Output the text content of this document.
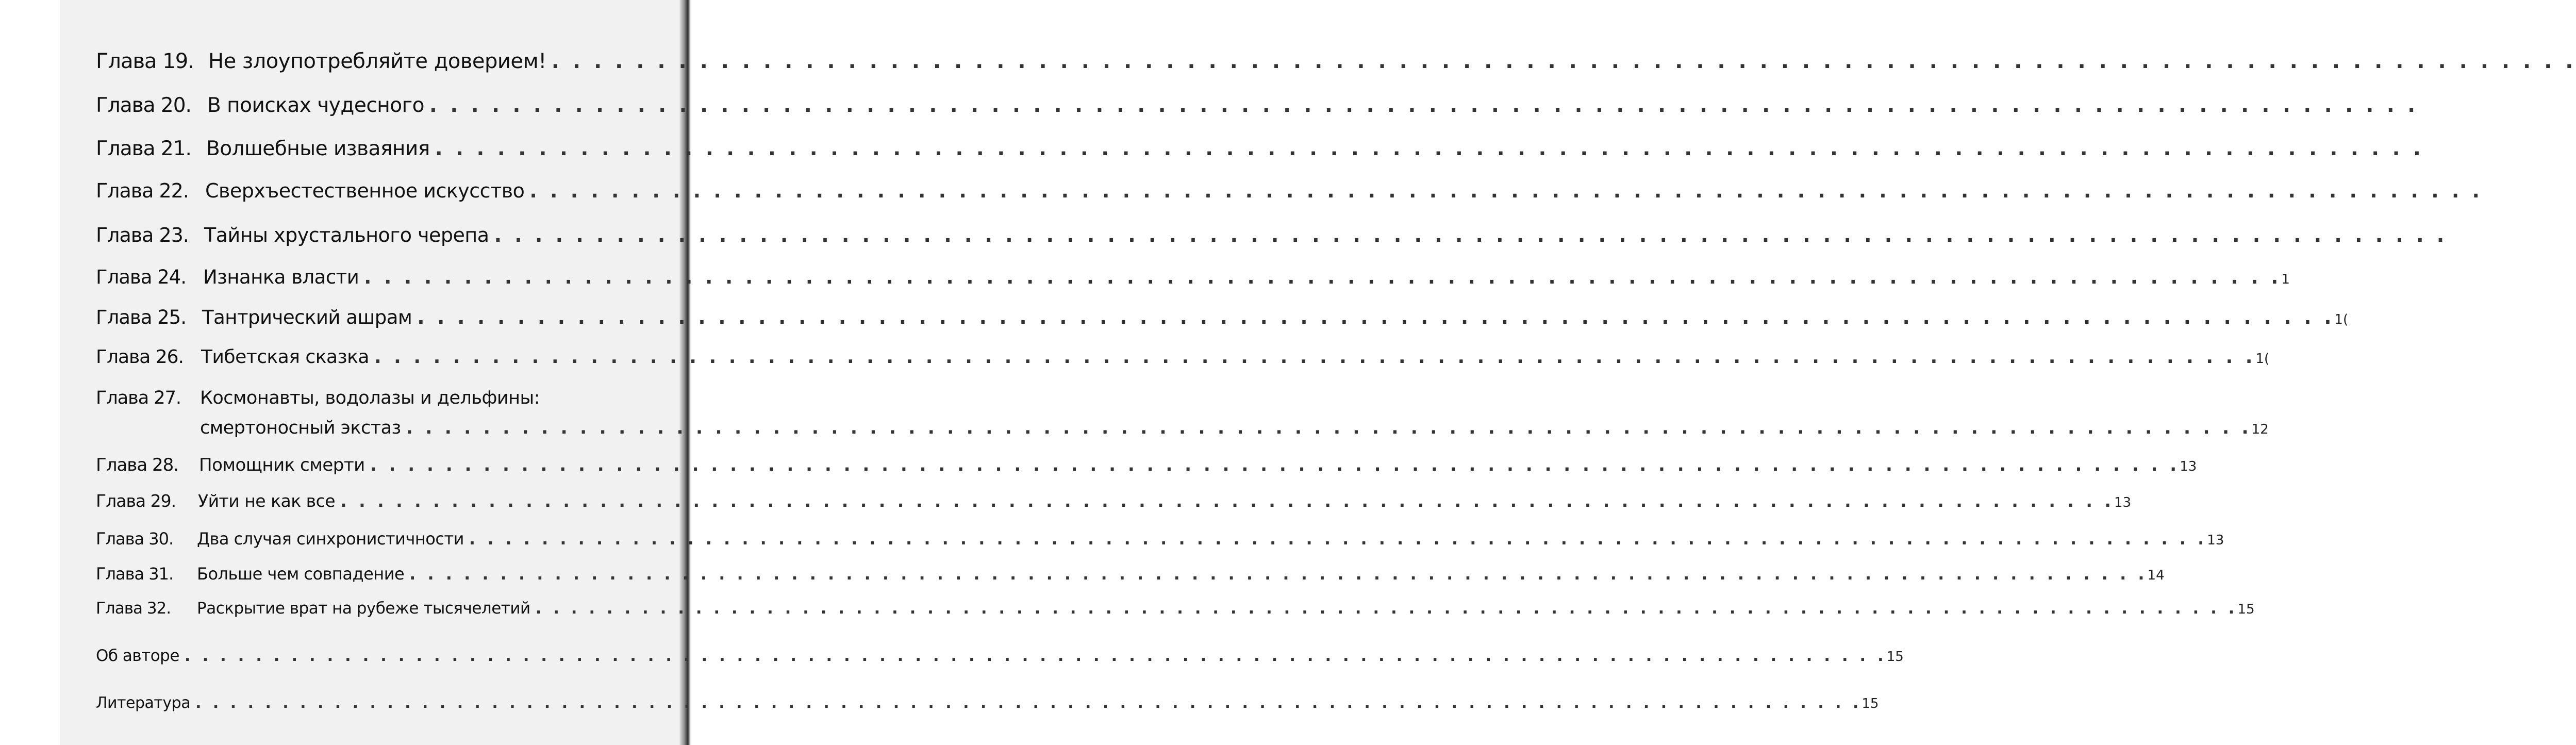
Глава 19. Не злоупотребляйте доверием! . . . . . . . . . . . . . . . . . . . . . . . . . . . . . . . . . . . . . . . . . . . . . . . . . . . . . . . . . . . . . . . . . . . . . . . . . . . . . . . . . . . . . . . . . . . . . . . .
Глава 20. В поисках чудесного . . . . . . . . . . . . . . . . . . . . . . . . . . . . . . . . . . . . . . . . . . . . . . . . . . . . . . . . . . . . . . . . . . . . . . . . . . . . . . . . . . . . . . . . . . . . . . . .
Глава 21. Волшебные изваяния . . . . . . . . . . . . . . . . . . . . . . . . . . . . . . . . . . . . . . . . . . . . . . . . . . . . . . . . . . . . . . . . . . . . . . . . . . . . . . . . . . . . . . . . . . . . . . . .
Глава 22. Сверхъестественное искусство . . . . . . . . . . . . . . . . . . . . . . . . . . . . . . . . . . . . . . . . . . . . . . . . . . . . . . . . . . . . . . . . . . . . . . . . . . . . . . . . . . . . . . . . . . . . . . . .
Глава 23. Тайны хрустального черепа . . . . . . . . . . . . . . . . . . . . . . . . . . . . . . . . . . . . . . . . . . . . . . . . . . . . . . . . . . . . . . . . . . . . . . . . . . . . . . . . . . . . . . . . . . . . . . . .
Глава 24. Изнанка власти . . . . . . . . . . . . . . . . . . . . . . . . . . . . . . . . . . . . . . . . . . . . . . . . . . . . . . . . . . . . . . . . . . . . . . . . . . . . . . . . . . . . . . . . . . . . . . . . 1
Глава 25. Тантрический ашрам . . . . . . . . . . . . . . . . . . . . . . . . . . . . . . . . . . . . . . . . . . . . . . . . . . . . . . . . . . . . . . . . . . . . . . . . . . . . . . . . . . . . . . . . . . . . . . . . 1(
Глава 26. Тибетская сказка . . . . . . . . . . . . . . . . . . . . . . . . . . . . . . . . . . . . . . . . . . . . . . . . . . . . . . . . . . . . . . . . . . . . . . . . . . . . . . . . . . . . . . . . . . . . . . . . 1(
Глава 27.	Космонавты, водолазы и дельфины:
смертоносный экстаз . . . . . . . . . . . . . . . . . . . . . . . . . . . . . . . . . . . . . . . . . . . . . . . . . . . . . . . . . . . . . . . . . . . . . . . . . . . . . . . . . . . . . . . . . . . . . . . . 12
Глава 28.	Помощник смерти . . . . . . . . . . . . . . . . . . . . . . . . . . . . . . . . . . . . . . . . . . . . . . . . . . . . . . . . . . . . . . . . . . . . . . . . . . . . . . . . . . . . . . . . . . . . . . . . 13
Глава 29.	Уйти не как все . . . . . . . . . . . . . . . . . . . . . . . . . . . . . . . . . . . . . . . . . . . . . . . . . . . . . . . . . . . . . . . . . . . . . . . . . . . . . . . . . . . . . . . . . . . . . . . . 13
Глава 30.	Два случая синхронистичности . . . . . . . . . . . . . . . . . . . . . . . . . . . . . . . . . . . . . . . . . . . . . . . . . . . . . . . . . . . . . . . . . . . . . . . . . . . . . . . . . . . . . . . . . . . . . . . . 13
Глава 31.	Больше чем совпадение . . . . . . . . . . . . . . . . . . . . . . . . . . . . . . . . . . . . . . . . . . . . . . . . . . . . . . . . . . . . . . . . . . . . . . . . . . . . . . . . . . . . . . . . . . . . . . . . 14
Глава 32.	Раскрытие врат на рубеже тысячелетий . . . . . . . . . . . . . . . . . . . . . . . . . . . . . . . . . . . . . . . . . . . . . . . . . . . . . . . . . . . . . . . . . . . . . . . . . . . . . . . . . . . . . . . . . . . . . . . . 15
Об авторе . . . . . . . . . . . . . . . . . . . . . . . . . . . . . . . . . . . . . . . . . . . . . . . . . . . . . . . . . . . . . . . . . . . . . . . . . . . . . . . . . . . . . . . . . . . . . . . . 15
Литература . . . . . . . . . . . . . . . . . . . . . . . . . . . . . . . . . . . . . . . . . . . . . . . . . . . . . . . . . . . . . . . . . . . . . . . . . . . . . . . . . . . . . . . . . . . . . . . . 15
